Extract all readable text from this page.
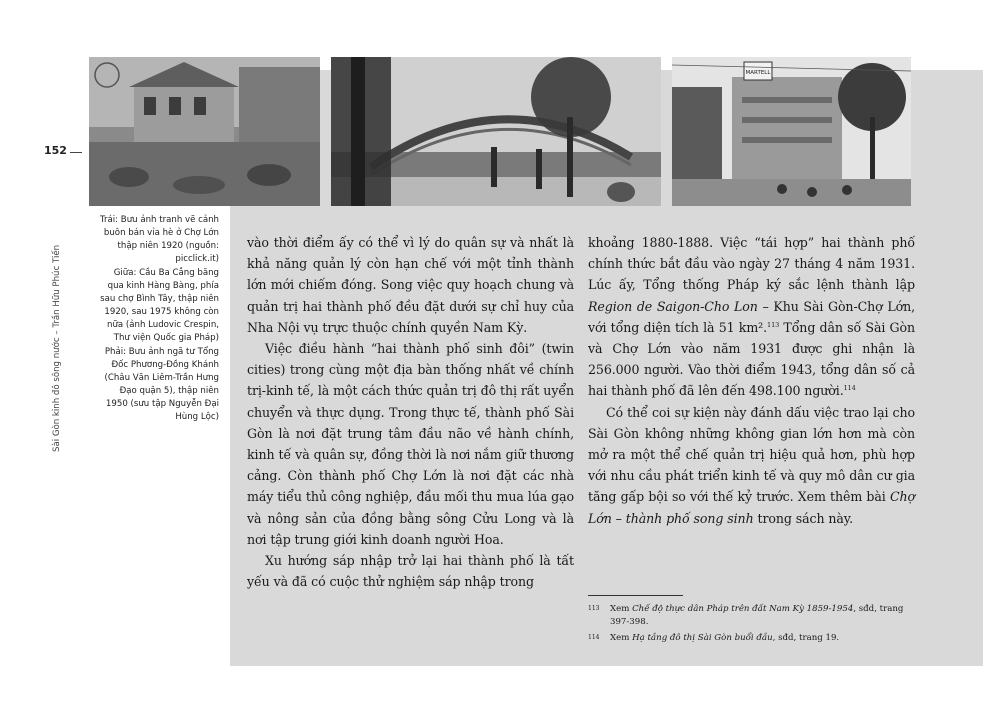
MARTELL
152
Sài Gòn kinh đô sông nước – Trần Hữu Phúc Tiến

Trái: Bưu ảnh tranh vẽ cảnh buôn bán vỉa hè ở Chợ Lớn thập niên 1920 (nguồn: picclick.it)

Giữa: Cầu Ba Cẳng băng qua kinh Hàng Bàng, phía sau chợ Bình Tây, thập niên 1920, sau 1975 không còn nữa (ảnh Ludovic Crespin, Thư viện Quốc gia Pháp)

Phải: Bưu ảnh ngã tư Tổng Đốc Phương-Đồng Khánh (Châu Văn Liêm-Trần Hưng Đạo quận 5), thập niên 1950 (sưu tập Nguyễn Đại Hùng Lộc)

vào thời điểm ấy có thể vì lý do quân sự và nhất là khả năng quản lý còn hạn chế với một tỉnh thành lớn mới chiếm đóng. Song việc quy hoạch chung và quản trị hai thành phố đều đặt dưới sự chỉ huy của Nha Nội vụ trực thuộc chính quyền Nam Kỳ.

Việc điều hành “hai thành phố sinh đôi” (twin cities) trong cùng một địa bàn thống nhất về chính trị-kinh tế, là một cách thức quản trị đô thị rất uyển chuyển và thực dụng. Trong thực tế, thành phố Sài Gòn là nơi đặt trung tâm đầu não về hành chính, kinh tế và quân sự, đồng thời là nơi nắm giữ thương cảng. Còn thành phố Chợ Lớn là nơi đặt các nhà máy tiểu thủ công nghiệp, đầu mối thu mua lúa gạo và nông sản của đồng bằng sông Cửu Long và là nơi tập trung giới kinh doanh người Hoa.

Xu hướng sáp nhập trở lại hai thành phố là tất yếu và đã có cuộc thử nghiệm sáp nhập trong

khoảng 1880-1888. Việc “tái hợp” hai thành phố chính thức bắt đầu vào ngày 27 tháng 4 năm 1931. Lúc ấy, Tổng thống Pháp ký sắc lệnh thành lập Region de Saigon-Cho Lon – Khu Sài Gòn-Chợ Lớn, với tổng diện tích là 51 km².$^{113}$ Tổng dân số Sài Gòn và Chợ Lớn vào năm 1931 được ghi nhận là 256.000 người. Vào thời điểm 1943, tổng dân số cả hai thành phố đã lên đến 498.100 người.$^{114}$

Có thể coi sự kiện này đánh dấu việc trao lại cho Sài Gòn không những không gian lớn hơn mà còn mở ra một thể chế quản trị hiệu quả hơn, phù hợp với nhu cầu phát triển kinh tế và quy mô dân cư gia tăng gấp bội so với thế kỷ trước. Xem thêm bài Chợ Lớn – thành phố song sinh trong sách này.

113 Xem Chế độ thực dân Pháp trên đất Nam Kỳ 1859-1954, sđd, trang 397-398.

114 Xem Hạ tầng đô thị Sài Gòn buổi đầu, sđd, trang 19.
